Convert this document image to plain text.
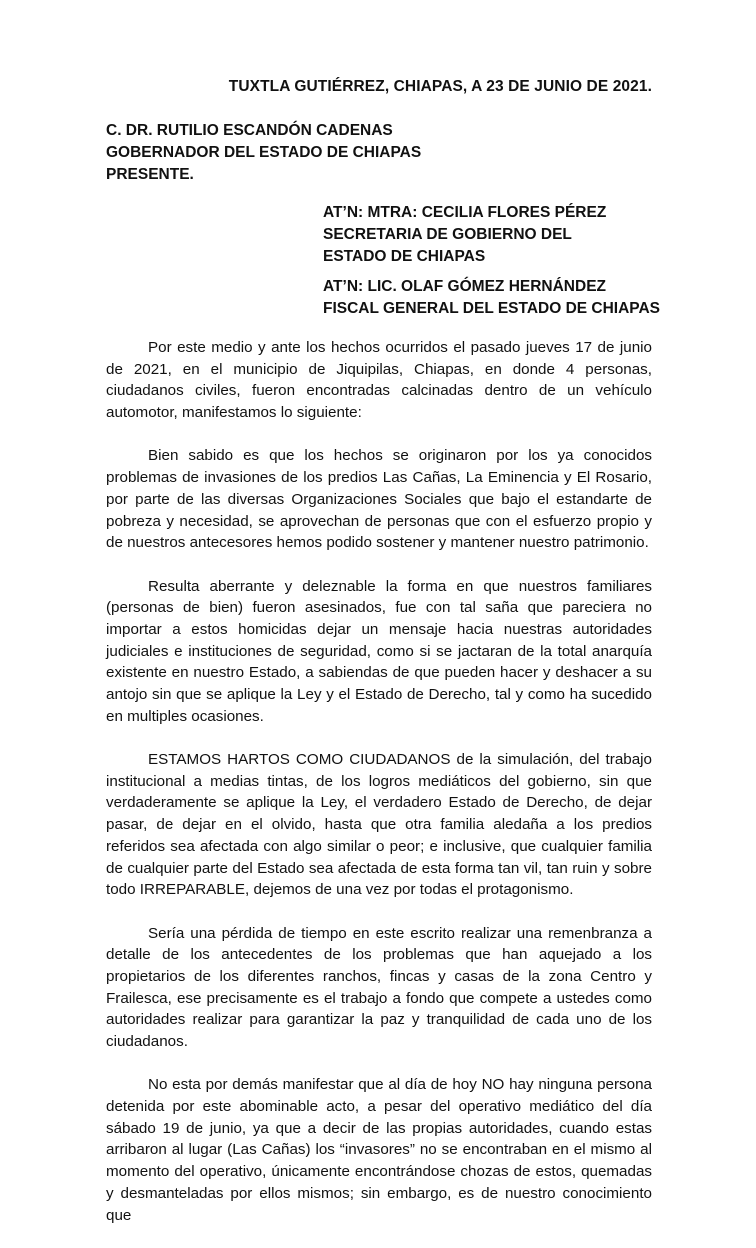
TUXTLA GUTIÉRREZ, CHIAPAS, A 23 DE JUNIO DE 2021.
C. DR. RUTILIO ESCANDÓN CADENAS
GOBERNADOR DEL ESTADO DE CHIAPAS
PRESENTE.
AT’N: MTRA: CECILIA FLORES PÉREZ
SECRETARIA DE GOBIERNO DEL
ESTADO DE CHIAPAS
AT’N: LIC. OLAF GÓMEZ HERNÁNDEZ
FISCAL GENERAL DEL ESTADO DE CHIAPAS

Por este medio y ante los hechos ocurridos el pasado jueves 17 de junio de 2021, en el municipio de Jiquipilas, Chiapas, en donde 4 personas, ciudadanos civiles, fueron encontradas calcinadas dentro de un vehículo automotor, manifestamos lo siguiente:

Bien sabido es que los hechos se originaron por los ya conocidos problemas de invasiones de los predios Las Cañas, La Eminencia y El Rosario, por parte de las diversas Organizaciones Sociales que bajo el estandarte de pobreza y necesidad, se aprovechan de personas que con el esfuerzo propio y de nuestros antecesores hemos podido sostener y mantener nuestro patrimonio.

Resulta aberrante y deleznable la forma en que nuestros familiares (personas de bien) fueron asesinados, fue con tal saña que pareciera no importar a estos homicidas dejar un mensaje hacia nuestras autoridades judiciales e instituciones de seguridad, como si se jactaran de la total anarquía existente en nuestro Estado, a sabiendas de que pueden hacer y deshacer a su antojo sin que se aplique la Ley y el Estado de Derecho, tal y como ha sucedido en multiples ocasiones.

ESTAMOS HARTOS COMO CIUDADANOS de la simulación, del trabajo institucional a medias tintas, de los logros mediáticos del gobierno, sin que verdaderamente se aplique la Ley, el verdadero Estado de Derecho, de dejar pasar, de dejar en el olvido, hasta que otra familia aledaña a los predios referidos sea afectada con algo similar o peor; e inclusive, que cualquier familia de cualquier parte del Estado sea afectada de esta forma tan vil, tan ruin y sobre todo IRREPARABLE, dejemos de una vez por todas el protagonismo.

Sería una pérdida de tiempo en este escrito realizar una remenbranza a detalle de los antecedentes de los problemas que han aquejado a los propietarios de los diferentes ranchos, fincas y casas de la zona Centro y Frailesca, ese precisamente es el trabajo a fondo que compete a ustedes como autoridades realizar para garantizar la paz y tranquilidad de cada uno de los ciudadanos.

No esta por demás manifestar que al día de hoy NO hay ninguna persona detenida por este abominable acto, a pesar del operativo mediático del día sábado 19 de junio, ya que a decir de las propias autoridades, cuando estas arribaron al lugar (Las Cañas) los “invasores” no se encontraban en el mismo al momento del operativo, únicamente encontrándose chozas de estos, quemadas y desmanteladas por ellos mismos; sin embargo, es de nuestro conocimiento que
